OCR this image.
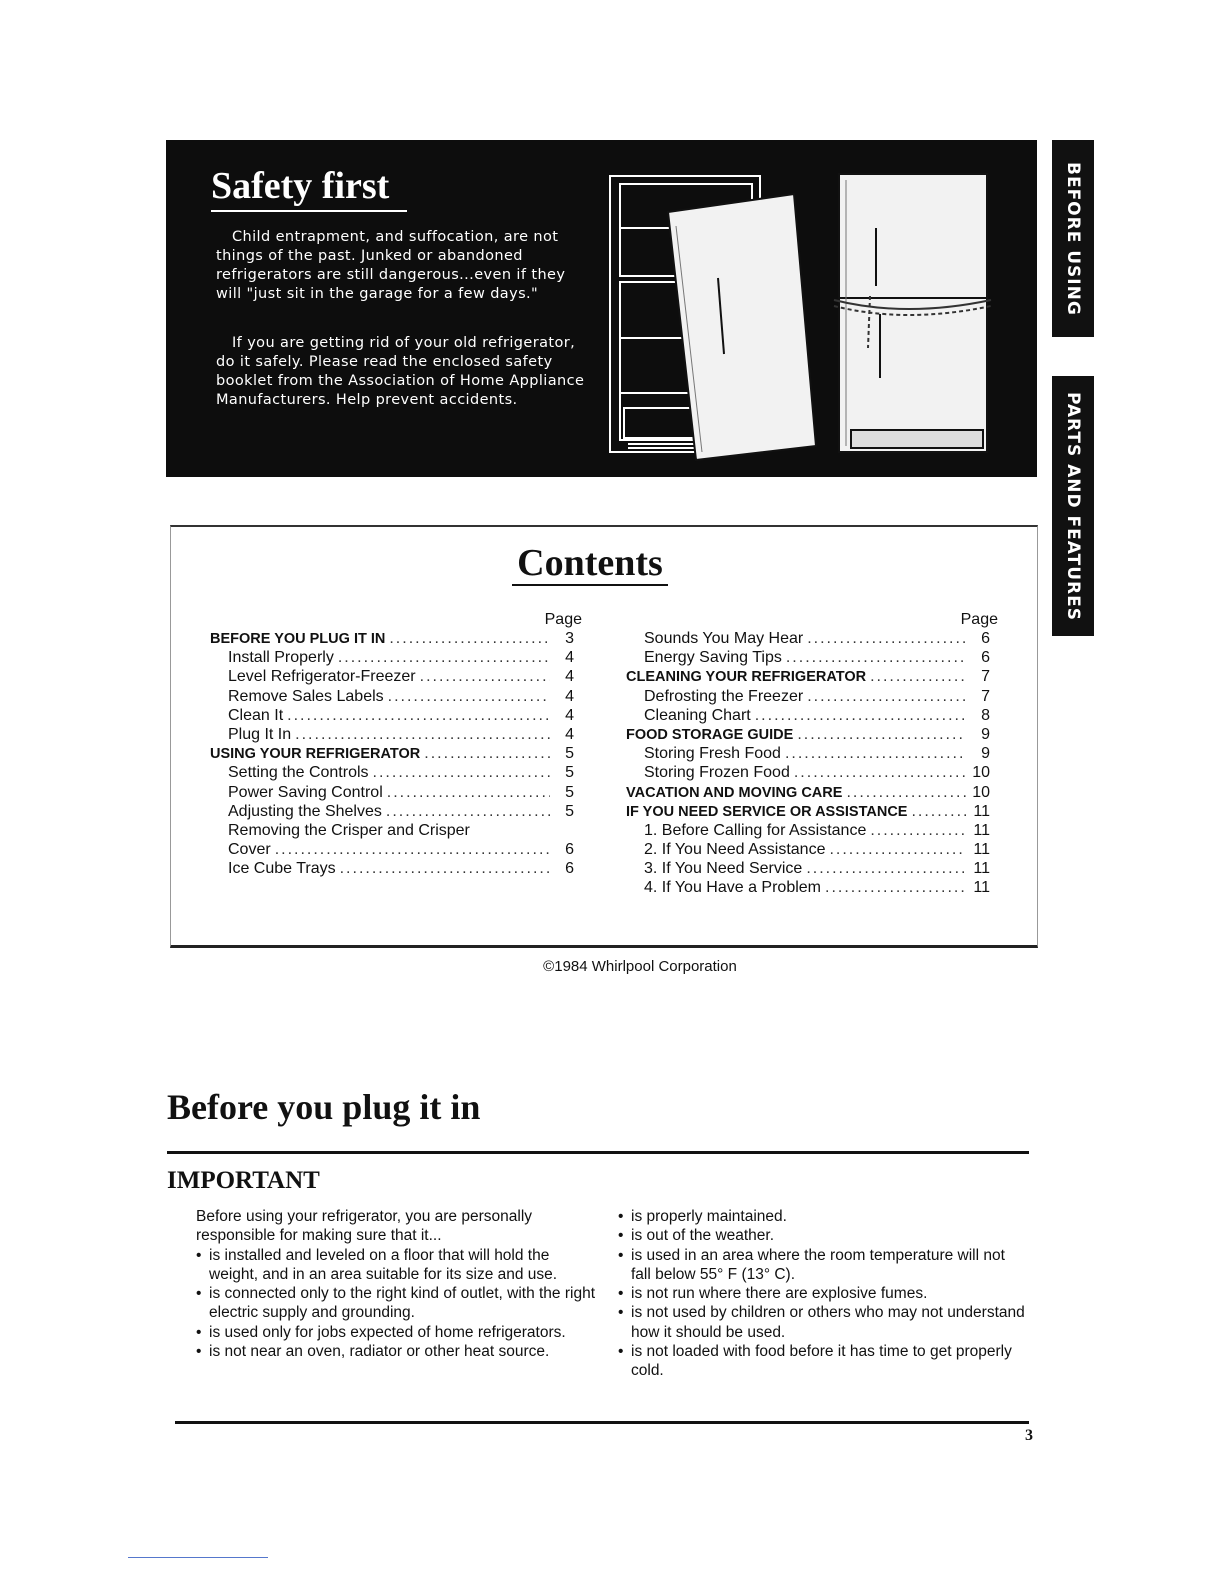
Safety first

Child entrapment, and suffocation, are not things of the past. Junked or abandoned refrigerators are still dangerous...even if they will "just sit in the garage for a few days."

If you are getting rid of your old refrigerator, do it safely. Please read the enclosed safety booklet from the Association of Home Appliance Manufacturers. Help prevent accidents.

BEFORE USING
PARTS AND FEATURES
Contents
Page
BEFORE YOU PLUG IT IN .....	3
Install Properly .....	4
Level Refrigerator-Freezer .....	4
Remove Sales Labels .....	4
Clean It .....	4
Plug It In .....	4
USING YOUR REFRIGERATOR .....	5
Setting the Controls .....	5
Power Saving Control .....	5
Adjusting the Shelves .....	5
Removing the Crisper and Crisper
Cover .....	6
Ice Cube Trays .....	6
Page
Sounds You May Hear .....	6
Energy Saving Tips .....	6
CLEANING YOUR REFRIGERATOR .....	7
Defrosting the Freezer .....	7
Cleaning Chart .....	8
FOOD STORAGE GUIDE .....	9
Storing Fresh Food .....	9
Storing Frozen Food .....	10
VACATION AND MOVING CARE .....	10
IF YOU NEED SERVICE OR ASSISTANCE .....	11
1. Before Calling for Assistance .....	11
2. If You Need Assistance .....	11
3. If You Need Service .....	11
4. If You Have a Problem .....	11

©1984 Whirlpool Corporation

Before you plug it in
IMPORTANT

Before using your refrigerator, you are personally responsible for making sure that it...

• is installed and leveled on a floor that will hold the weight, and in an area suitable for its size and use.

• is connected only to the right kind of outlet, with the right electric supply and grounding.

• is used only for jobs expected of home refrigerators.

• is not near an oven, radiator or other heat source.

• is properly maintained.

• is out of the weather.

• is used in an area where the room temperature will not fall below 55° F (13° C).

• is not run where there are explosive fumes.

• is not used by children or others who may not understand how it should be used.

• is not loaded with food before it has time to get properly cold.

3
